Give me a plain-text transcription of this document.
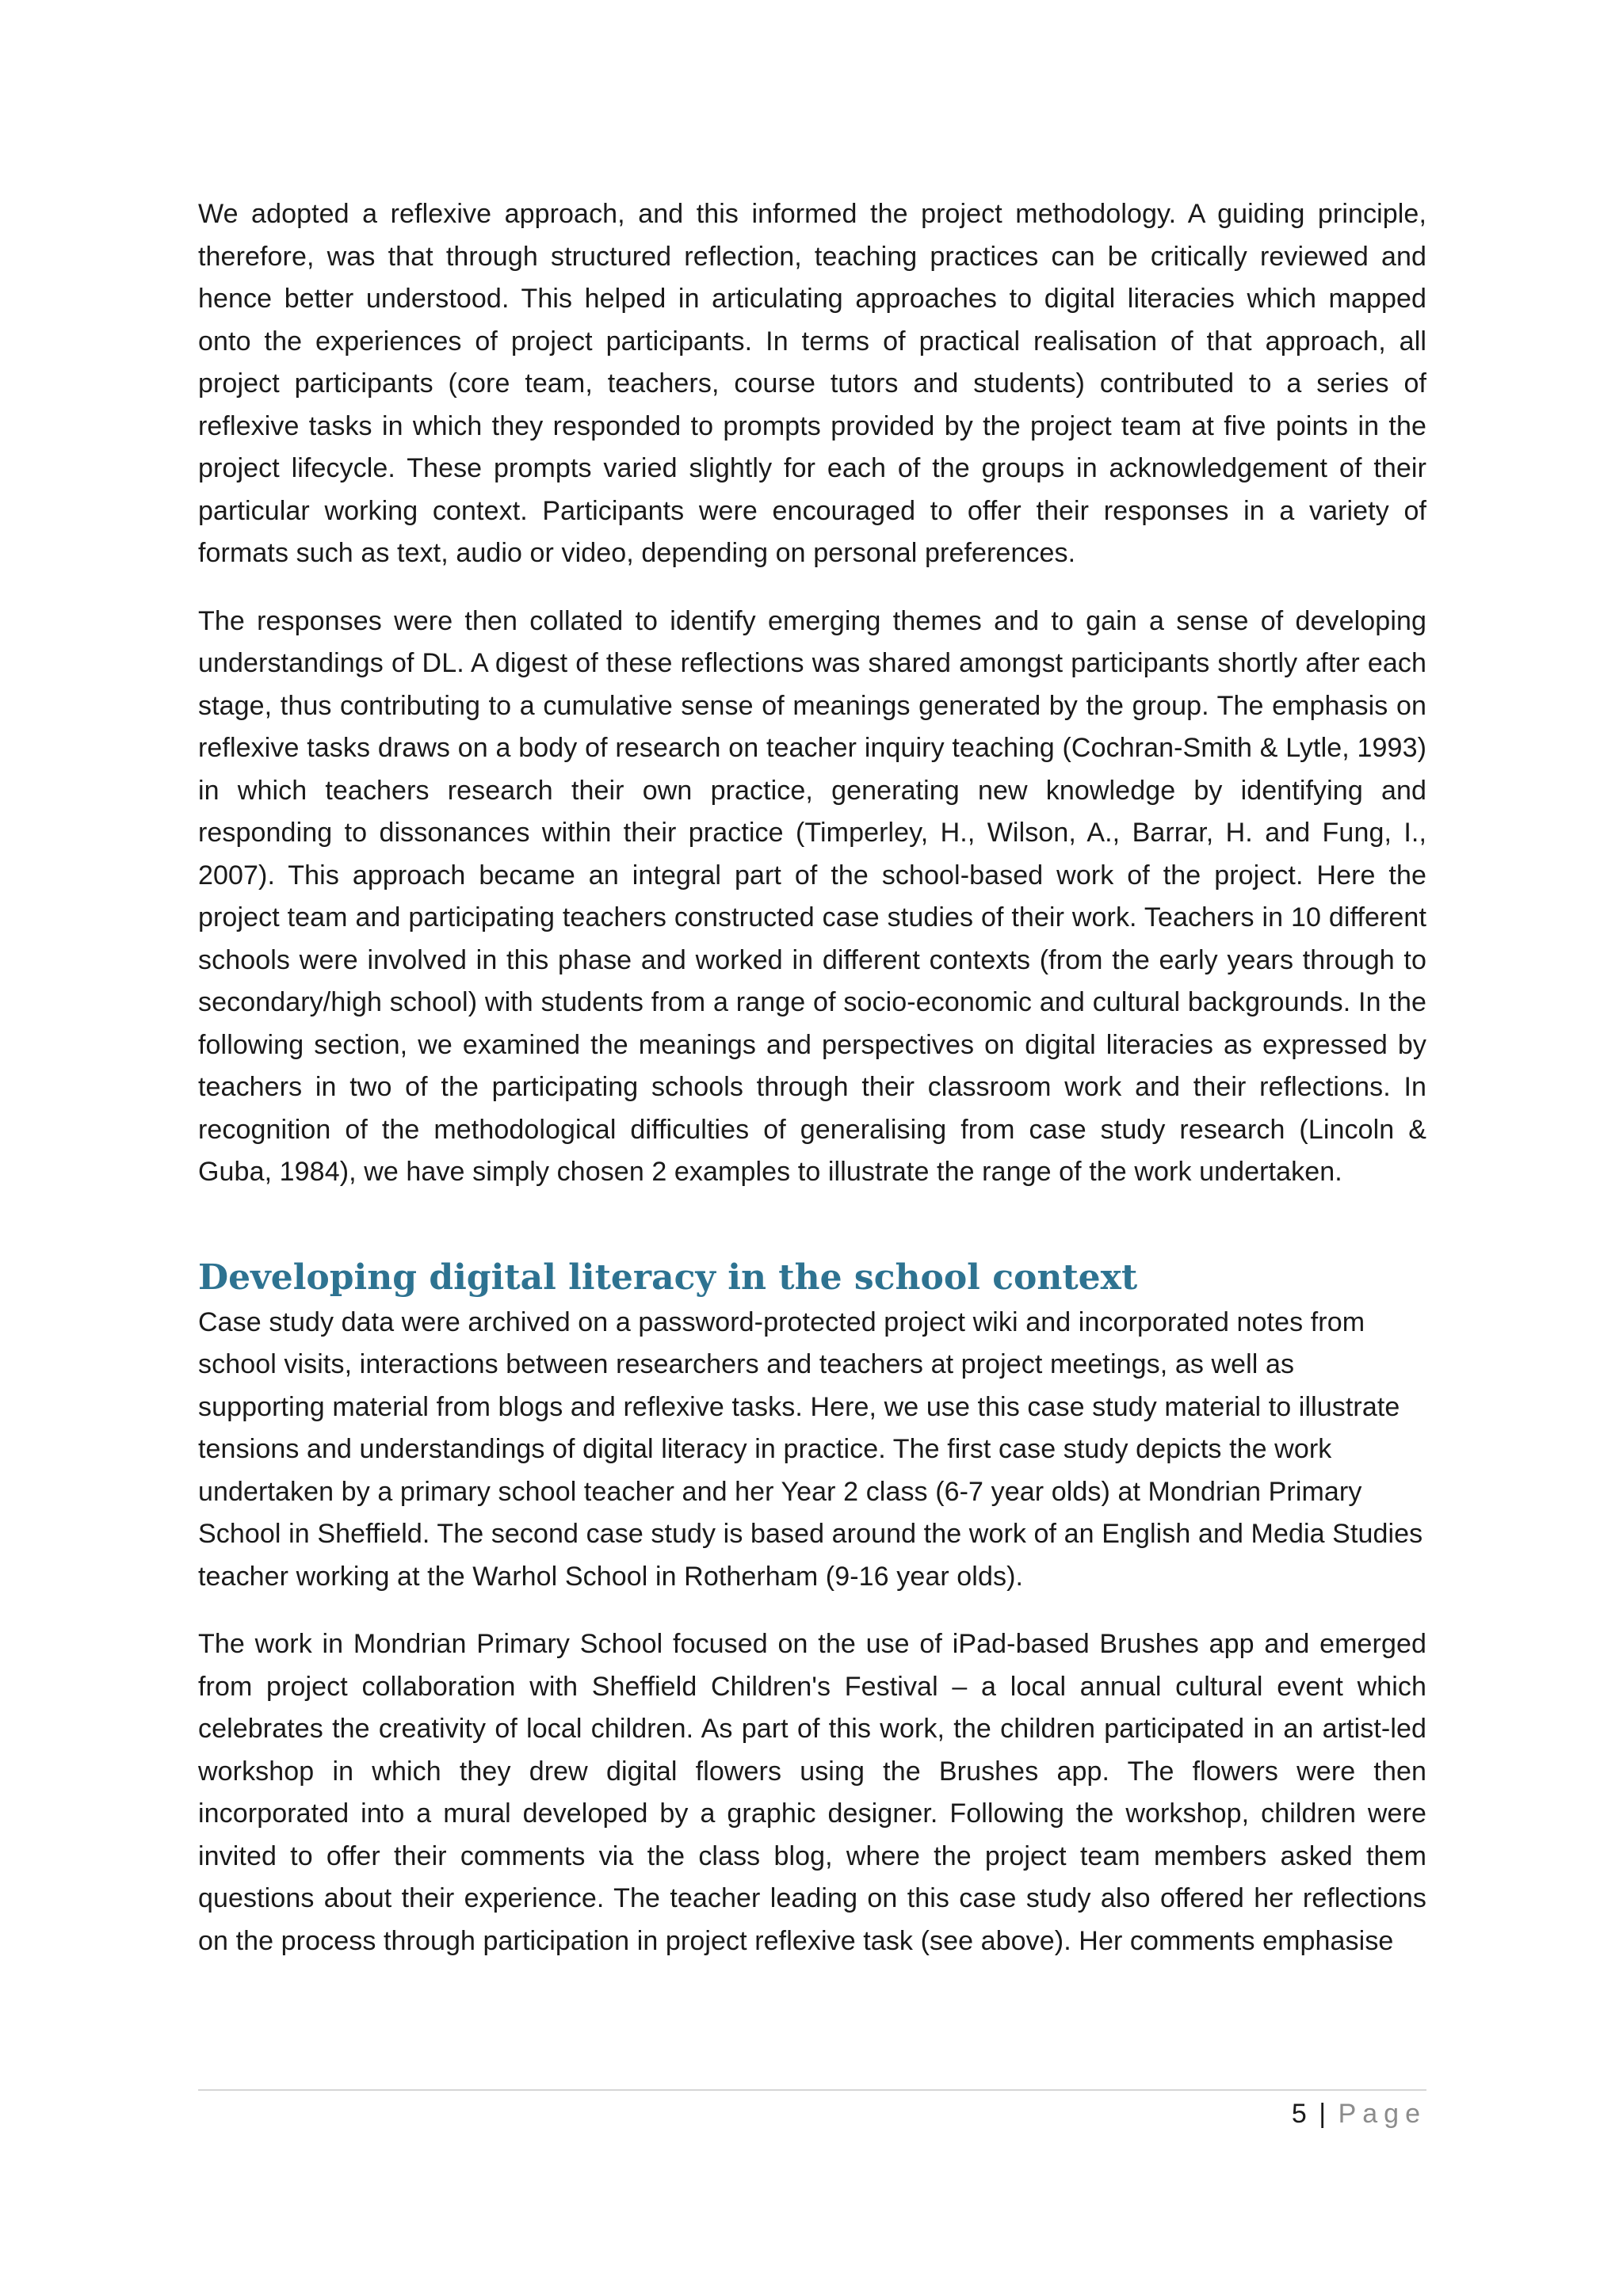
We adopted a reflexive approach, and this informed the project methodology. A guiding principle, therefore, was that through structured reflection, teaching practices can be critically reviewed and hence better understood. This helped in articulating approaches to digital literacies which mapped onto the experiences of project participants. In terms of practical realisation of that approach, all project participants (core team, teachers, course tutors and students) contributed to a series of reflexive tasks in which they responded to prompts provided by the project team at five points in the project lifecycle. These prompts varied slightly for each of the groups in acknowledgement of their particular working context. Participants were encouraged to offer their responses in a variety of formats such as text, audio or video, depending on personal preferences.

The responses were then collated to identify emerging themes and to gain a sense of developing understandings of DL. A digest of these reflections was shared amongst participants shortly after each stage, thus contributing to a cumulative sense of meanings generated by the group. The emphasis on reflexive tasks draws on a body of research on teacher inquiry teaching (Cochran-Smith & Lytle, 1993) in which teachers research their own practice, generating new knowledge by identifying and responding to dissonances within their practice (Timperley, H., Wilson, A., Barrar, H. and Fung, I., 2007). This approach became an integral part of the school-based work of the project. Here the project team and participating teachers constructed case studies of their work. Teachers in 10 different schools were involved in this phase and worked in different contexts (from the early years through to secondary/high school) with students from a range of socio-economic and cultural backgrounds. In the following section, we examined the meanings and perspectives on digital literacies as expressed by teachers in two of the participating schools through their classroom work and their reflections. In recognition of the methodological difficulties of generalising from case study research (Lincoln & Guba, 1984), we have simply chosen 2 examples to illustrate the range of the work undertaken.

Developing digital literacy in the school context

Case study data were archived on a password-protected project wiki and incorporated notes from school visits, interactions between researchers and teachers at project meetings, as well as supporting material from blogs and reflexive tasks. Here, we use this case study material to illustrate tensions and understandings of digital literacy in practice. The first case study depicts the work undertaken by a primary school teacher and her Year 2 class (6-7 year olds) at Mondrian Primary School in Sheffield. The second case study is based around the work of an English and Media Studies teacher working at the Warhol School in Rotherham (9-16 year olds).

The work in Mondrian Primary School focused on the use of iPad-based Brushes app and emerged from project collaboration with Sheffield Children's Festival – a local annual cultural event which celebrates the creativity of local children. As part of this work, the children participated in an artist-led workshop in which they drew digital flowers using the Brushes app. The flowers were then incorporated into a mural developed by a graphic designer. Following the workshop, children were invited to offer their comments via the class blog, where the project team members asked them questions about their experience. The teacher leading on this case study also offered her reflections on the process through participation in project reflexive task (see above). Her comments emphasise

5 | Page
